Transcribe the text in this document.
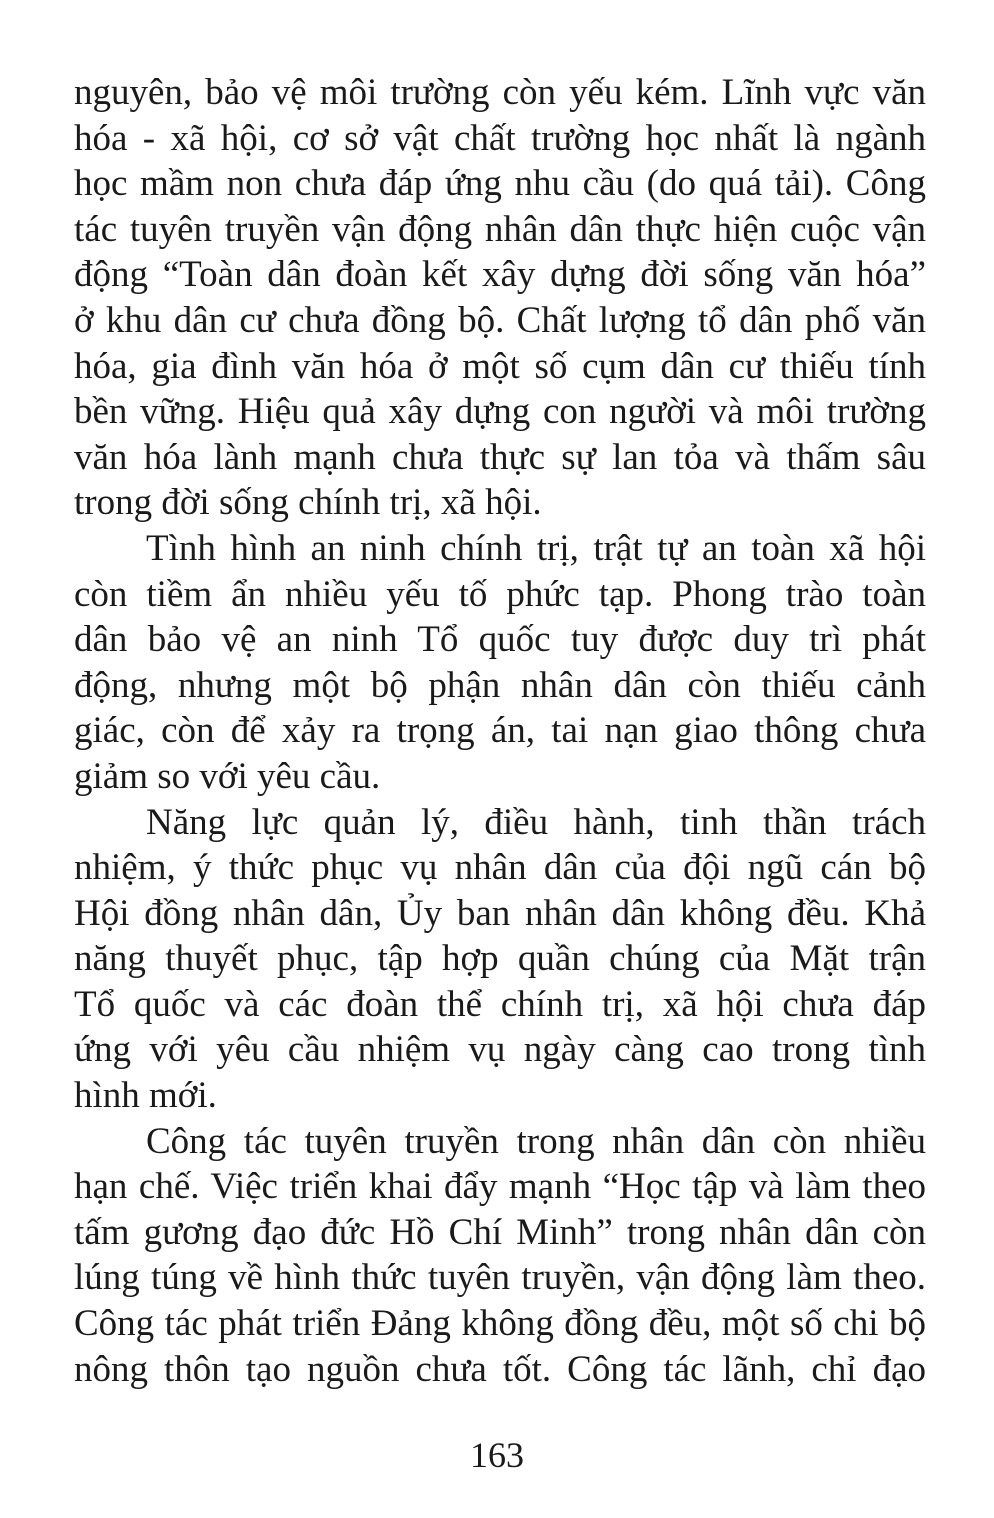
nguyên, bảo vệ môi trường còn yếu kém. Lĩnh vực văn
hóa - xã hội, cơ sở vật chất trường học nhất là ngành
học mầm non chưa đáp ứng nhu cầu (do quá tải). Công
tác tuyên truyền vận động nhân dân thực hiện cuộc vận
động “Toàn dân đoàn kết xây dựng đời sống văn hóa”
ở khu dân cư chưa đồng bộ. Chất lượng tổ dân phố văn
hóa, gia đình văn hóa ở một số cụm dân cư thiếu tính
bền vững. Hiệu quả xây dựng con người và môi trường
văn hóa lành mạnh chưa thực sự lan tỏa và thấm sâu
trong đời sống chính trị, xã hội.
Tình hình an ninh chính trị, trật tự an toàn xã hội
còn tiềm ẩn nhiều yếu tố phức tạp. Phong trào toàn
dân bảo vệ an ninh Tổ quốc tuy được duy trì phát
động, nhưng một bộ phận nhân dân còn thiếu cảnh
giác, còn để xảy ra trọng án, tai nạn giao thông chưa
giảm so với yêu cầu.
Năng lực quản lý, điều hành, tinh thần trách
nhiệm, ý thức phục vụ nhân dân của đội ngũ cán bộ
Hội đồng nhân dân, Ủy ban nhân dân không đều. Khả
năng thuyết phục, tập hợp quần chúng của Mặt trận
Tổ quốc và các đoàn thể chính trị, xã hội chưa đáp
ứng với yêu cầu nhiệm vụ ngày càng cao trong tình
hình mới.
Công tác tuyên truyền trong nhân dân còn nhiều
hạn chế. Việc triển khai đẩy mạnh “Học tập và làm theo
tấm gương đạo đức Hồ Chí Minh” trong nhân dân còn
lúng túng về hình thức tuyên truyền, vận động làm theo.
Công tác phát triển Đảng không đồng đều, một số chi bộ
nông thôn tạo nguồn chưa tốt. Công tác lãnh, chỉ đạo
163
